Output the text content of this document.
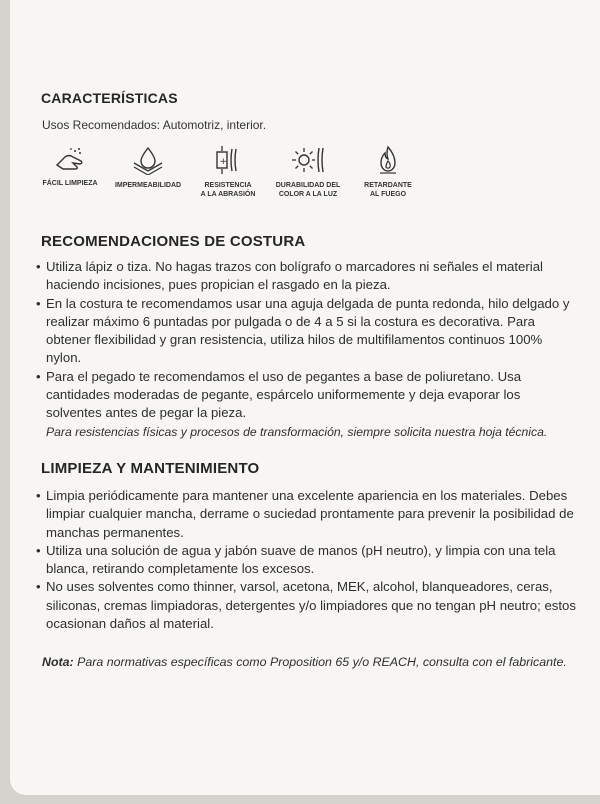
CARACTERÍSTICAS
Usos Recomendados: Automotriz, interior.
FÁCIL LIMPIEZA	IMPERMEABILIDAD
+
RESISTENCIA
A LA ABRASIÓN
DURABILIDAD DEL
COLOR A LA LUZ
RETARDANTE
AL FUEGO
RECOMENDACIONES DE COSTURA
• Utiliza lápiz o tiza. No hagas trazos con bolígrafo o marcadores ni señales el material haciendo incisiones, pues propician el rasgado en la pieza.
• En la costura te recomendamos usar una aguja delgada de punta redonda, hilo delgado y realizar máximo 6 puntadas por pulgada o de 4 a 5 si la costura es decorativa. Para obtener flexibilidad y gran resistencia, utiliza hilos de multifilamentos continuos 100% nylon.
• Para el pegado te recomendamos el uso de pegantes a base de poliuretano. Usa cantidades moderadas de pegante, espárcelo uniformemente y deja evaporar los solventes antes de pegar la pieza.
Para resistencias físicas y procesos de transformación, siempre solicita nuestra hoja técnica.
LIMPIEZA Y MANTENIMIENTO
• Limpia periódicamente para mantener una excelente apariencia en los materiales. Debes limpiar cualquier mancha, derrame o suciedad prontamente para prevenir la posibilidad de manchas permanentes.
• Utiliza una solución de agua y jabón suave de manos (pH neutro), y limpia con una tela blanca, retirando completamente los excesos.
• No uses solventes como thinner, varsol, acetona, MEK, alcohol, blanqueadores, ceras, siliconas, cremas limpiadoras, detergentes y/o limpiadores que no tengan pH neutro; estos ocasionan daños al material.
Nota: Para normativas específicas como Proposition 65 y/o REACH, consulta con el fabricante.
